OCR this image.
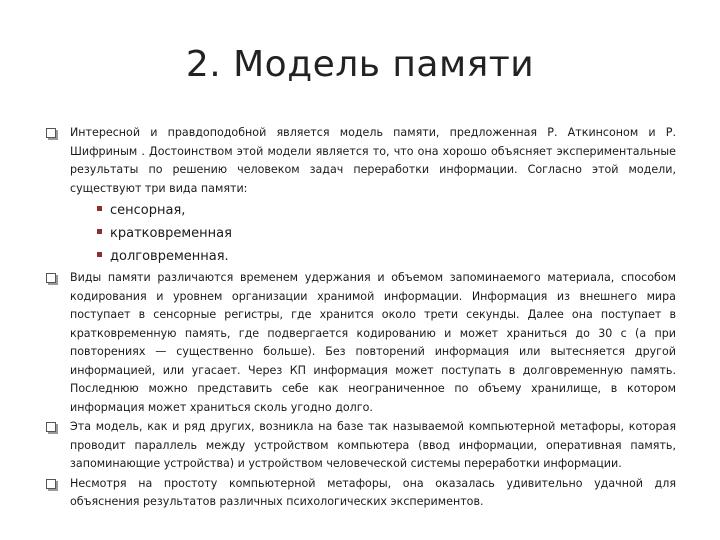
2. Модель памяти
Интересной и правдоподобной является модель памяти, предложенная Р. Аткинсоном и Р. Шифриным . Достоинством этой модели является то, что она хорошо объясняет экспериментальные результаты по решению человеком задач переработки информации. Согласно этой модели, существуют три вида памяти:
сенсорная,
кратковременная
долговременная.
Виды памяти различаются временем удержания и объемом запоминаемого материала, способом кодирования и уровнем организации хранимой информации. Информация из внешнего мира поступает в сенсорные регистры, где хранится около трети секунды. Далее она поступает в кратковременную память, где подвергается кодированию и может храниться до 30 с (а при повторениях — существенно больше). Без повторений информация или вытесняется другой информацией, или угасает. Через КП информация может поступать в долговременную память. Последнюю можно представить себе как неограниченное по объему хранилище, в котором информация может храниться сколь угодно долго.
Эта модель, как и ряд других, возникла на базе так называемой компьютерной метафоры, которая проводит параллель между устройством компьютера (ввод информации, оперативная память, запоминающие устройства) и устройством человеческой системы переработки информации.
Несмотря на простоту компьютерной метафоры, она оказалась удивительно удачной для объяснения результатов различных психологических экспериментов.
